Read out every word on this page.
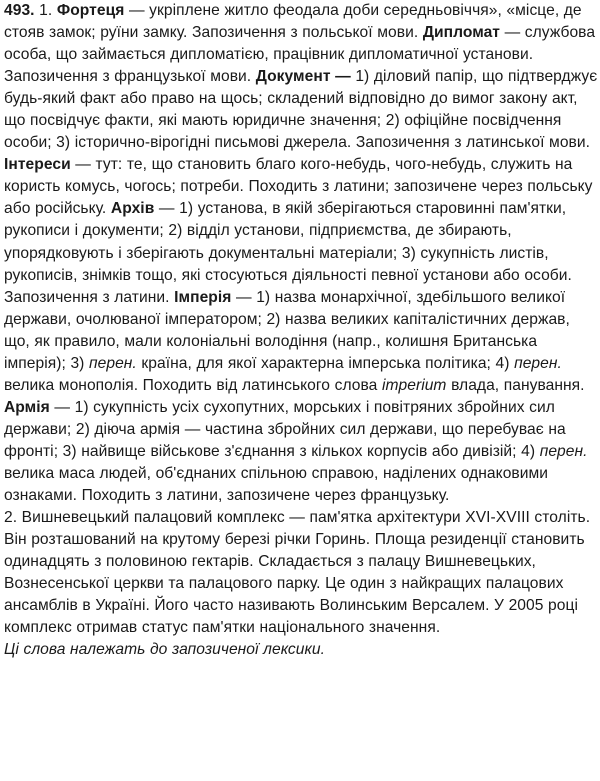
493. 1. Фортеця — укріплене житло феодала доби середньовіччя», «місце, де стояв замок; руїни замку. Запозичення з польської мови. Дипломат — службова особа, що займається дипломатією, працівник дипломатичної установи. Запозичення з французької мови. Документ — 1) діловий папір, що підтверджує будь-який факт або право на щось; складений відповідно до вимог закону акт, що посвідчує факти, які мають юридичне значення; 2) офіційне посвідчення особи; 3) історично-вірогідні письмові джерела. Запозичення з латинської мови. Інтереси — тут: те, що становить благо кого-небудь, чого-небудь, служить на користь комусь, чогось; потреби. Походить з латини; запозичене через польську або російську. Архів — 1) установа, в якій зберігаються старовинні пам'ятки, рукописи і документи; 2) відділ установи, підприємства, де збирають, упорядковують і зберігають документальні матеріали; 3) сукупність листів, рукописів, знімків тощо, які стосуються діяльності певної установи або особи. Запозичення з латини. Імперія — 1) назва монархічної, здебільшого великої держави, очолюваної імператором; 2) назва великих капіталістичних держав, що, як правило, мали колоніальні володіння (напр., колишня Британська імперія); 3) перен. країна, для якої характерна імперська політика; 4) перен. велика монополія. Походить від латинського слова imperium влада, панування. Армія — 1) сукупність усіх сухопутних, морських і повітряних збройних сил держави; 2) діюча армія — частина збройних сил держави, що перебуває на фронті; 3) найвище військове з'єднання з кількох корпусів або дивізій; 4) перен. велика маса людей, об'єднаних спільною справою, наділених однаковими ознаками. Походить з латини, запозичене через французьку.

2. Вишневецький палацовий комплекс — пам'ятка архітектури XVI-XVIII століть. Він розташований на крутому березі річки Горинь. Площа резиденції становить одинадцять з половиною гектарів. Складається з палацу Вишневецьких, Вознесенської церкви та палацового парку. Це один з найкращих палацових ансамблів в Україні. Його часто називають Волинським Версалем. У 2005 році комплекс отримав статус пам'ятки національного значення.

Ці слова належать до запозиченої лексики.
